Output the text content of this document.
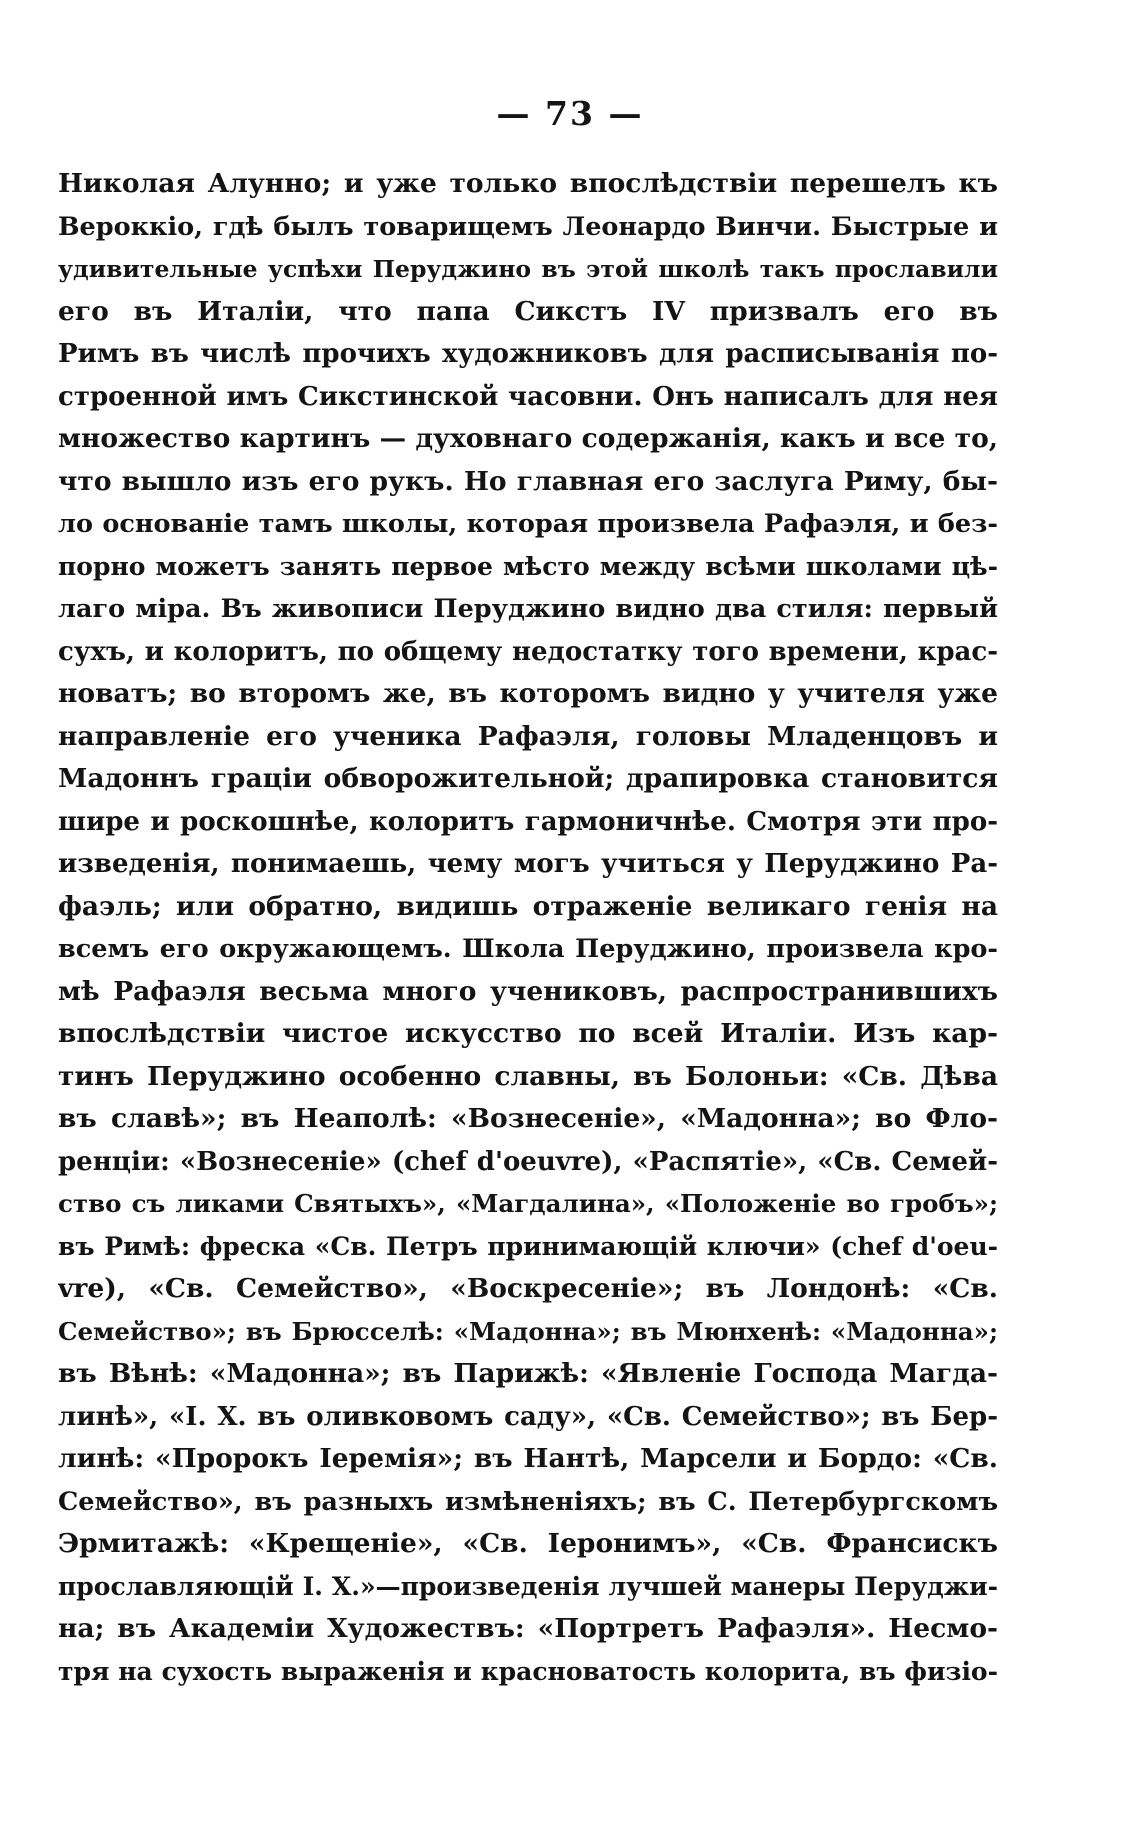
— 73 —
Николая Алунно; и уже только впослѣдствіи перешелъ къ
Вероккіо, гдѣ былъ товарищемъ Леонардо Винчи. Быстрые и
удивительные успѣхи Перуджино въ этой школѣ такъ прославили
его въ Италіи, что папа Сикстъ IV призвалъ его въ
Римъ въ числѣ прочихъ художниковъ для расписыванія по-
строенной имъ Сикстинской часовни. Онъ написалъ для нея
множество картинъ — духовнаго содержанія, какъ и все то,
что вышло изъ его рукъ. Но главная его заслуга Риму, бы-
ло основаніе тамъ школы, которая произвела Рафаэля, и без-
порно можетъ занять первое мѣсто между всѣми школами цѣ-
лаго міра. Въ живописи Перуджино видно два стиля: первый
сухъ, и колоритъ, по общему недостатку того времени, крас-
новатъ; во второмъ же, въ которомъ видно у учителя уже
направленіе его ученика Рафаэля, головы Младенцовъ и
Мадоннъ граціи обворожительной; драпировка становится
шире и роскошнѣе, колоритъ гармоничнѣе. Смотря эти про-
изведенія, понимаешь, чему могъ учиться у Перуджино Ра-
фаэль; или обратно, видишь отраженіе великаго генія на
всемъ его окружающемъ. Школа Перуджино, произвела кро-
мѣ Рафаэля весьма много учениковъ, распространившихъ
впослѣдствіи чистое искусство по всей Италіи. Изъ кар-
тинъ Перуджино особенно славны, въ Болоньи: «Св. Дѣва
въ славѣ»; въ Неаполѣ: «Вознесеніе», «Мадонна»; во Фло-
ренціи: «Вознесеніе» (chef d'oeuvre), «Распятіе», «Св. Семей-
ство съ ликами Святыхъ», «Магдалина», «Положеніе во гробъ»;
въ Римѣ: фреска «Св. Петръ принимающій ключи» (chef d'oeu-
vre), «Св. Семейство», «Воскресеніе»; въ Лондонѣ: «Св.
Семейство»; въ Брюсселѣ: «Мадонна»; въ Мюнхенѣ: «Мадонна»;
въ Вѣнѣ: «Мадонна»; въ Парижѣ: «Явленіе Господа Магда-
линѣ», «І. Х. въ оливковомъ саду», «Св. Семейство»; въ Бер-
линѣ: «Пророкъ Іеремія»; въ Нантѣ, Марсели и Бордо: «Св.
Семейство», въ разныхъ измѣненіяхъ; въ С. Петербургскомъ
Эрмитажѣ: «Крещеніе», «Св. Іеронимъ», «Св. Франсискъ
прославляющій І. Х.»—произведенія лучшей манеры Перуджи-
на; въ Академіи Художествъ: «Портретъ Рафаэля». Несмо-
тря на сухость выраженія и красноватость колорита, въ физіо-
